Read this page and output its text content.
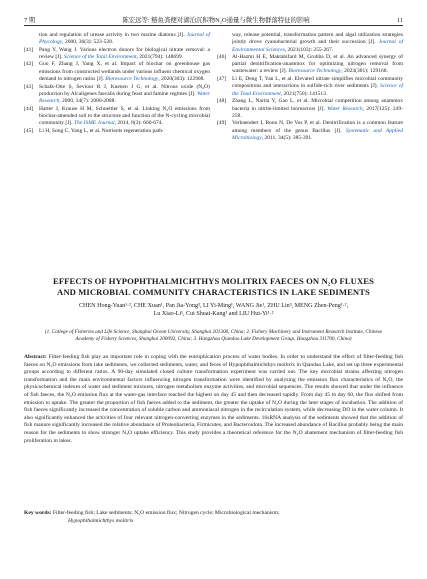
7 期	陈宏远等: 鲢鱼粪便对湖泊沉积物N₂O通量与微生物群落特征的影响	11
tion and regulation of urease activity in two marine diatoms [J]. Journal of Phycology, 2000, 36(3): 523-528.
[41]	Pang Y, Wang J. Various electron donors for biological nitrate removal: a review [J]. Science of the Total Environment, 2021(794): 148699.
[42]	Guo F, Zhang J, Yang X, et al. Impact of biochar on greenhouse gas emissions from constructed wetlands under various influent chemical oxygen demand to nitrogen ratios [J]. Bioresource Technology, 2020(303): 122908.
[43]	Schalk-Otte S, Seviour R J, Kuenen J G, et al. Nitrous oxide (N₂O) production by Alcaligenes faecalis during feast and famine regimes [J]. Water Research, 2000, 34(7): 2080-2088.
[44]	Harter J, Krause H M, Schuettler S, et al. Linking N₂O emissions from biochar-amended soil to the structure and function of the N-cycling microbial community [J]. The ISME Journal, 2014, 8(3): 660-674.
[45]	Li H, Song C, Yang L, et al. Nutrients regeneration path-
way, release potential, transformation pattern and algal utilization strategies jointly drove cyanobacterial growth and their succession [J]. Journal of Environmental Sciences, 2021(103): 255-267.
[46]	Al-Hazmi H E, Maktabifard M, Grubba D, et al. An advanced synergy of partial denitrification-anammox for optimizing nitrogen removal from wastewater: a review [J]. Bioresource Technology, 2023(381): 129168.
[47]	Li E, Deng T, Yan L, et al. Elevated nitrate simplifies microbial community compositions and interactions in sulfide-rich river sediments [J]. Science of the Total Environment, 2021(750): 141513.
[48]	Zhang L, Narita Y, Gao L, et al. Microbial competition among anammox bacteria in nitrite-limited bioreactors [J]. Water Research, 2017(125): 249-258.
[49]	Verbaendert I, Boon N, De Vos P, et al. Denitrification is a common feature among members of the genus Bacillus [J]. Systematic and Applied Microbiology, 2011, 34(5): 385-391.
EFFECTS OF HYPOPHTHALMICHTHYS MOLITRIX FAECES ON N₂O FLUXES
AND MICROBIAL COMMUNITY CHARACTERISTICS IN LAKE SEDIMENTS
CHEN Hong-Yuan¹·², CHE Xuan¹, Pan Jia-Yong³, LI Yi-Ming¹, WANG Jie¹, ZHU Lin³, MENG Zhen-Peng¹·²,
Lu Xiao-Li¹, Cui Shuai-Kang¹ and LIU Hui-Yi¹·²
(1. College of Fisheries and Life Science, Shanghai Ocean University, Shanghai 201306, China; 2. Fishery Machinery and Instrument Research Institute, Chinese Academy of Fishery Sciences, Shanghai 200092, China; 3. Hangzhou Qiandao Lake Development Group, Hangzhou 311700, China)
Abstract: Filter-feeding fish play an important role in coping with the eutrophication process of water bodies. In order to understand the effect of filter-feeding fish faeces on N₂O emissions from lake sediments, we collected sediments, water, and feces of Hypophthalmichthys molitrix in Qiandao Lake, and set up three experimental groups according to different ratios. A 90-day simulated closed culture transformation experiment was carried out. The key microbial strains affecting nitrogen transformation and the main environmental factors influencing nitrogen transformation were identified by analysing the emission flux characteristics of N₂O, the physicochemical indexes of water and sediment mixtures, nitrogen metabolism enzyme activities, and microbial sequences. The results showed that under the influence of fish faeces, the N₂O emission flux at the water-gas interface reached the highest on day 45 and then decreased rapidly. From day 45 to day 60, the flux shifted from emission to uptake. The greater the proportion of fish faeces added to the sediment, the greater the uptake of N₂O during the later stages of incubation. The addition of fish faeces significantly increased the concentration of soluble carbon and ammoniacal nitrogen in the recirculation system, while decreasing DO in the water column. It also significantly enhanced the activities of four relevant nitrogen-converting enzymes in the sediments. 16sRNA analysis of the sediments showed that the addition of fish manure significantly increased the relative abundance of Proteobacteria, Firmicutes, and Bacteroidota. The increased abundance of Bacillus probably being the main reason for the sediments to show stronger N₂O uptake efficiency. This study provides a theoretical reference for the N₂O abatement mechanism of filter-feeding fish proliferation in lakes.
Key words: Filter-feeding fish; Lake sediments; N₂O emission flux; Nitrogen cycle; Microbiological mechanism;
Hypophthalmichthys molitrix
